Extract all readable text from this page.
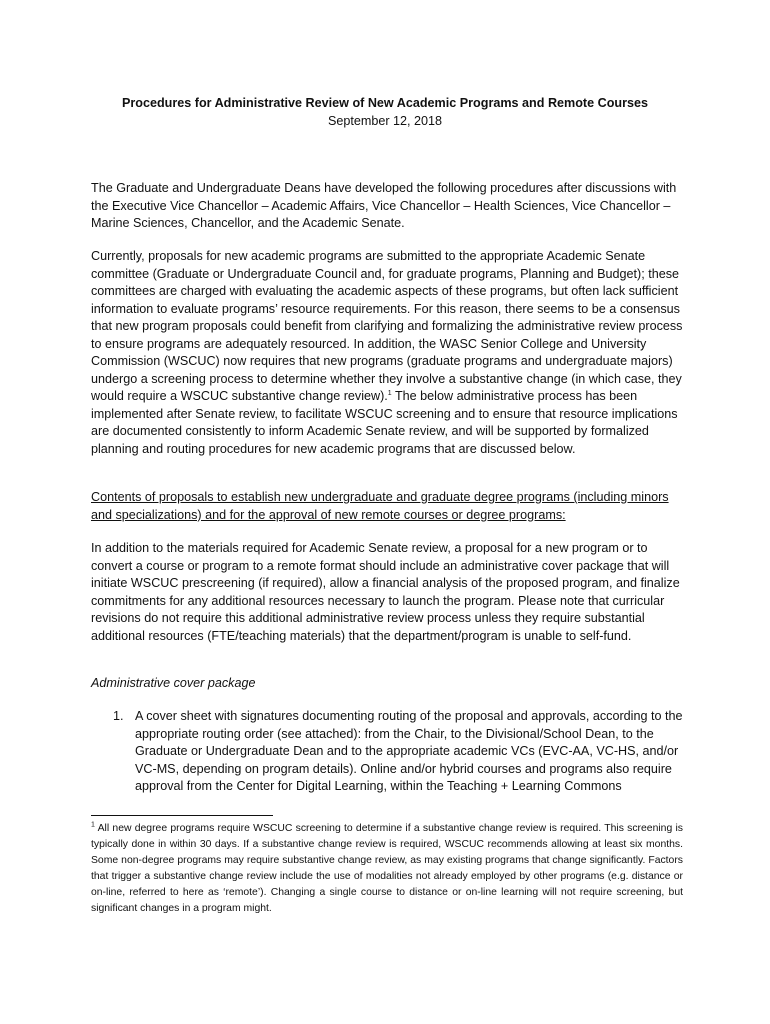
Procedures for Administrative Review of New Academic Programs and Remote Courses
September 12, 2018
The Graduate and Undergraduate Deans have developed the following procedures after discussions with the Executive Vice Chancellor – Academic Affairs, Vice Chancellor – Health Sciences, Vice Chancellor – Marine Sciences, Chancellor, and the Academic Senate.
Currently, proposals for new academic programs are submitted to the appropriate Academic Senate committee (Graduate or Undergraduate Council and, for graduate programs, Planning and Budget); these committees are charged with evaluating the academic aspects of these programs, but often lack sufficient information to evaluate programs’ resource requirements. For this reason, there seems to be a consensus that new program proposals could benefit from clarifying and formalizing the administrative review process to ensure programs are adequately resourced. In addition, the WASC Senior College and University Commission (WSCUC) now requires that new programs (graduate programs and undergraduate majors) undergo a screening process to determine whether they involve a substantive change (in which case, they would require a WSCUC substantive change review).$^1$ The below administrative process has been implemented after Senate review, to facilitate WSCUC screening and to ensure that resource implications are documented consistently to inform Academic Senate review, and will be supported by formalized planning and routing procedures for new academic programs that are discussed below.
Contents of proposals to establish new undergraduate and graduate degree programs (including minors and specializations) and for the approval of new remote courses or degree programs:
In addition to the materials required for Academic Senate review, a proposal for a new program or to convert a course or program to a remote format should include an administrative cover package that will initiate WSCUC prescreening (if required), allow a financial analysis of the proposed program, and finalize commitments for any additional resources necessary to launch the program. Please note that curricular revisions do not require this additional administrative review process unless they require substantial additional resources (FTE/teaching materials) that the department/program is unable to self-fund.
Administrative cover package
1. A cover sheet with signatures documenting routing of the proposal and approvals, according to the appropriate routing order (see attached): from the Chair, to the Divisional/School Dean, to the Graduate or Undergraduate Dean and to the appropriate academic VCs (EVC-AA, VC-HS, and/or VC-MS, depending on program details). Online and/or hybrid courses and programs also require approval from the Center for Digital Learning, within the Teaching + Learning Commons
$^1$ All new degree programs require WSCUC screening to determine if a substantive change review is required. This screening is typically done in within 30 days. If a substantive change review is required, WSCUC recommends allowing at least six months. Some non-degree programs may require substantive change review, as may existing programs that change significantly. Factors that trigger a substantive change review include the use of modalities not already employed by other programs (e.g. distance or on-line, referred to here as ‘remote’). Changing a single course to distance or on-line learning will not require screening, but significant changes in a program might.
